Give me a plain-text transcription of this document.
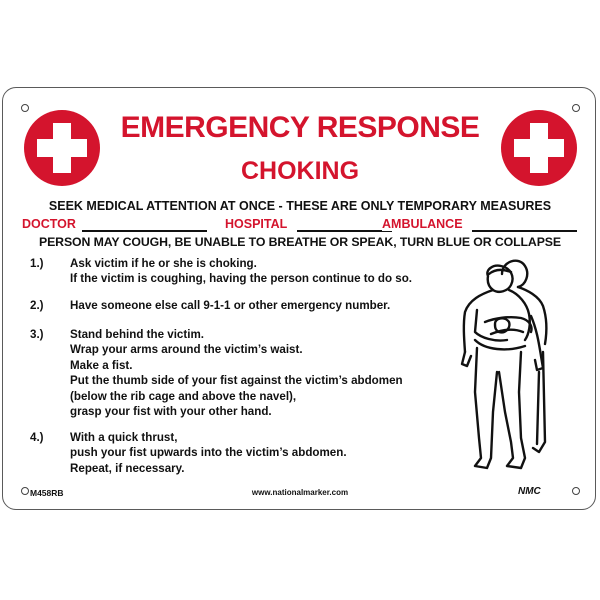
EMERGENCY RESPONSE
CHOKING
SEEK MEDICAL ATTENTION AT ONCE - THESE ARE ONLY TEMPORARY MEASURES
DOCTOR	HOSPITAL	AMBULANCE
PERSON MAY COUGH, BE UNABLE TO BREATHE OR SPEAK, TURN BLUE OR COLLAPSE
1.)	Ask victim if he or she is choking.
If the victim is coughing, having the person continue to do so.
2.)	Have someone else call 9-1-1 or other emergency number.
3.)	Stand behind the victim.
Wrap your arms around the victim’s waist.
Make a fist.
Put the thumb side of your fist against the victim’s abdomen
(below the rib cage and above the navel),
grasp your fist with your other hand.
4.)	With a quick thrust,
push your fist upwards into the victim’s abdomen.
Repeat, if necessary.
M458RB	www.nationalmarker.com	NMC
